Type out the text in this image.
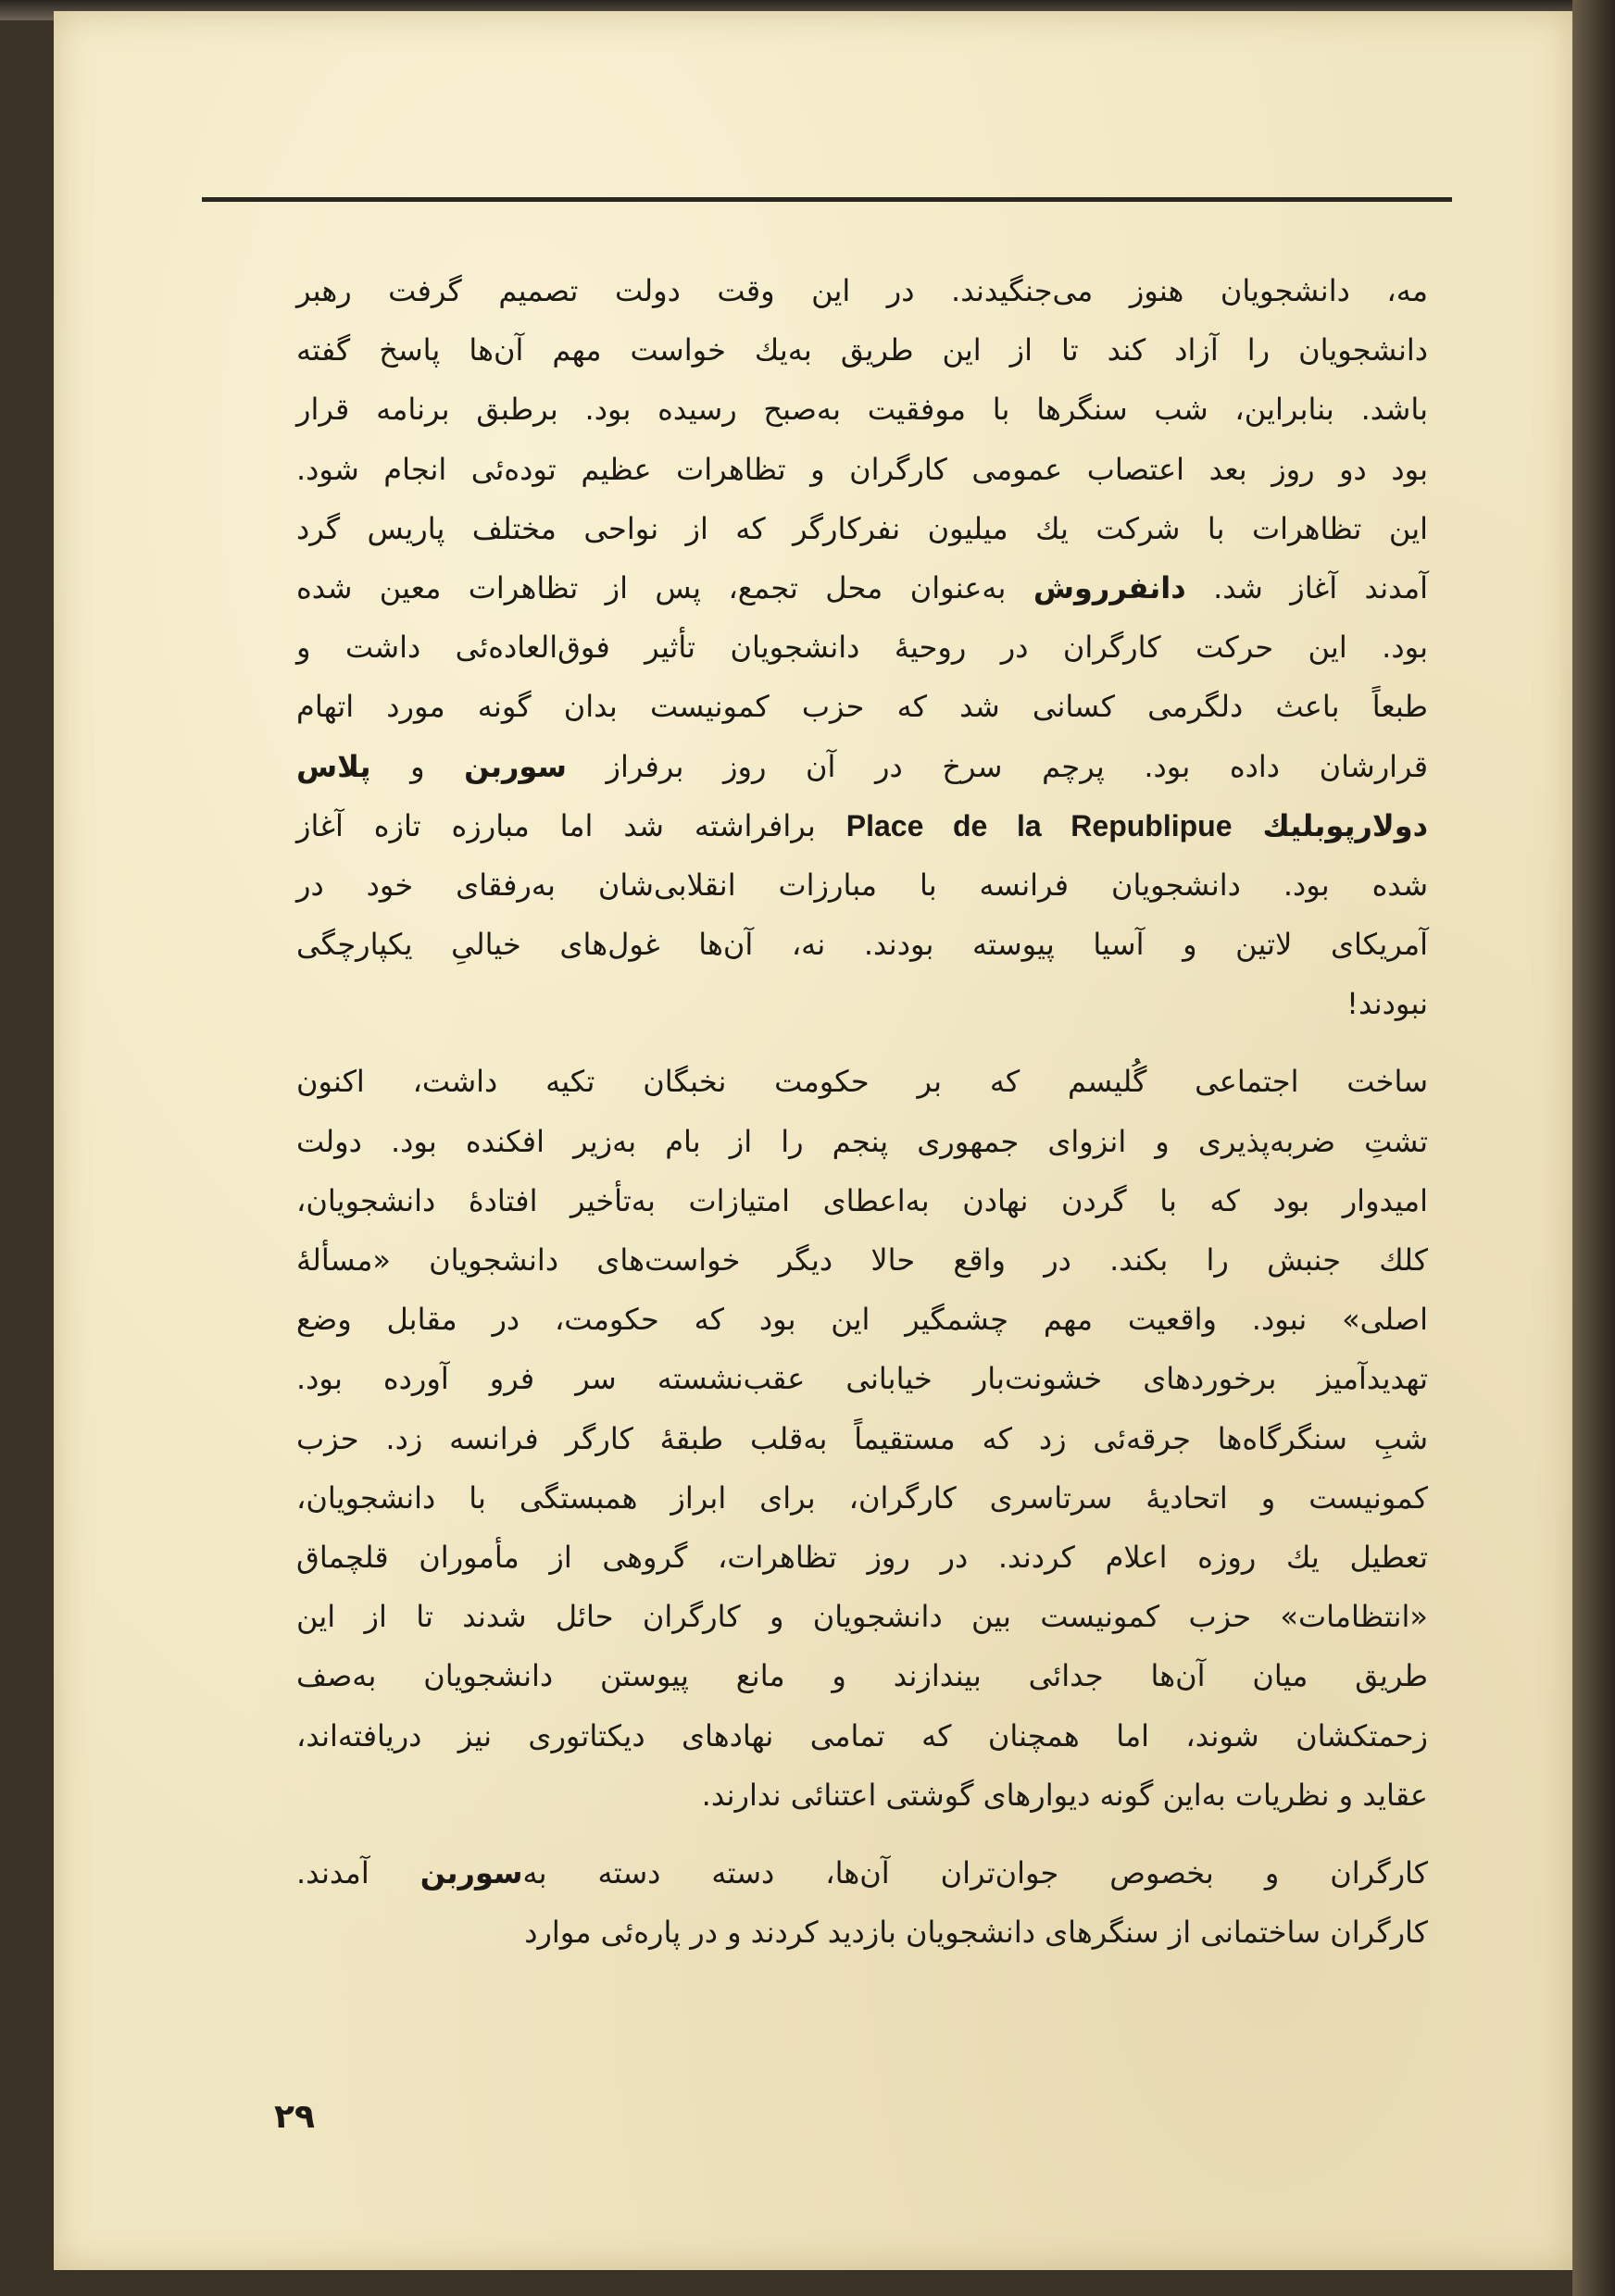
مه، دانشجویان هنوز می‌جنگیدند. در این وقت دولت تصمیم گرفت رهبر
دانشجویان را آزاد کند تا از این طریق به‌یك خواست مهم آن‌ها پاسخ گفته
باشد. بنابراین، شب سنگرها با موفقیت به‌صبح رسیده بود. برطبق برنامه قرار
بود دو روز بعد اعتصاب عمومی کارگران و تظاهرات عظیم توده‌ئی انجام شود.
این تظاهرات با شرکت یك میلیون نفرکارگر که از نواحی مختلف پاریس گرد
آمدند آغاز شد. دانفرروش به‌عنوان محل تجمع، پس از تظاهرات معین شده
بود. این حرکت کارگران در روحیهٔ دانشجویان تأثیر فوق‌العاده‌ئی داشت و
طبعاً باعث دلگرمی کسانی شد که حزب کمونیست بدان گونه مورد اتهام
قرارشان داده بود. پرچم سرخ در آن روز برفراز سوربن و پلاس
دولارپوبلیك Place de la Republipue برافراشته شد اما مبارزه تازه آغاز
شده بود. دانشجویان فرانسه با مبارزات انقلابی‌شان به‌رفقای خود در
آمریکای لاتین و آسیا پیوسته بودند. نه، آن‌ها غول‌های خیالیِ یکپارچگی
نبودند!

ساخت اجتماعی گُلیسم که بر حکومت نخبگان تکیه داشت، اکنون
تشتِ ضربه‌پذیری و انزوای جمهوری پنجم را از بام به‌زیر افکنده بود. دولت
امیدوار بود که با گردن نهادن به‌اعطای امتیازات به‌تأخیر افتادهٔ دانشجویان،
کلك جنبش را بکند. در واقع حالا دیگر خواست‌های دانشجویان «مسألهٔ
اصلی» نبود. واقعیت مهم چشمگیر این بود که حکومت، در مقابل وضع
تهدیدآمیز برخوردهای خشونت‌بار خیابانی عقب‌نشسته سر فرو آورده بود.
شبِ سنگرگاه‌ها جرقه‌ئی زد که مستقیماً به‌قلب طبقهٔ کارگر فرانسه زد. حزب
کمونیست و اتحادیهٔ سرتاسری کارگران، برای ابراز همبستگی با دانشجویان،
تعطیل یك روزه اعلام کردند. در روز تظاهرات، گروهی از مأموران قلچماق
«انتظامات» حزب کمونیست بین دانشجویان و کارگران حائل شدند تا از این
طریق میان آن‌ها جدائی بیندازند و مانع پیوستن دانشجویان به‌صف
زحمتکشان شوند، اما همچنان که تمامی نهادهای دیکتاتوری نیز دریافته‌اند،
عقاید و نظریات به‌این گونه دیوارهای گوشتی اعتنائی ندارند.

کارگران و بخصوص جوان‌تران آن‌ها، دسته دسته به‌سوربن آمدند.
کارگران ساختمانی از سنگرهای دانشجویان بازدید کردند و در پاره‌ئی موارد

۲۹
